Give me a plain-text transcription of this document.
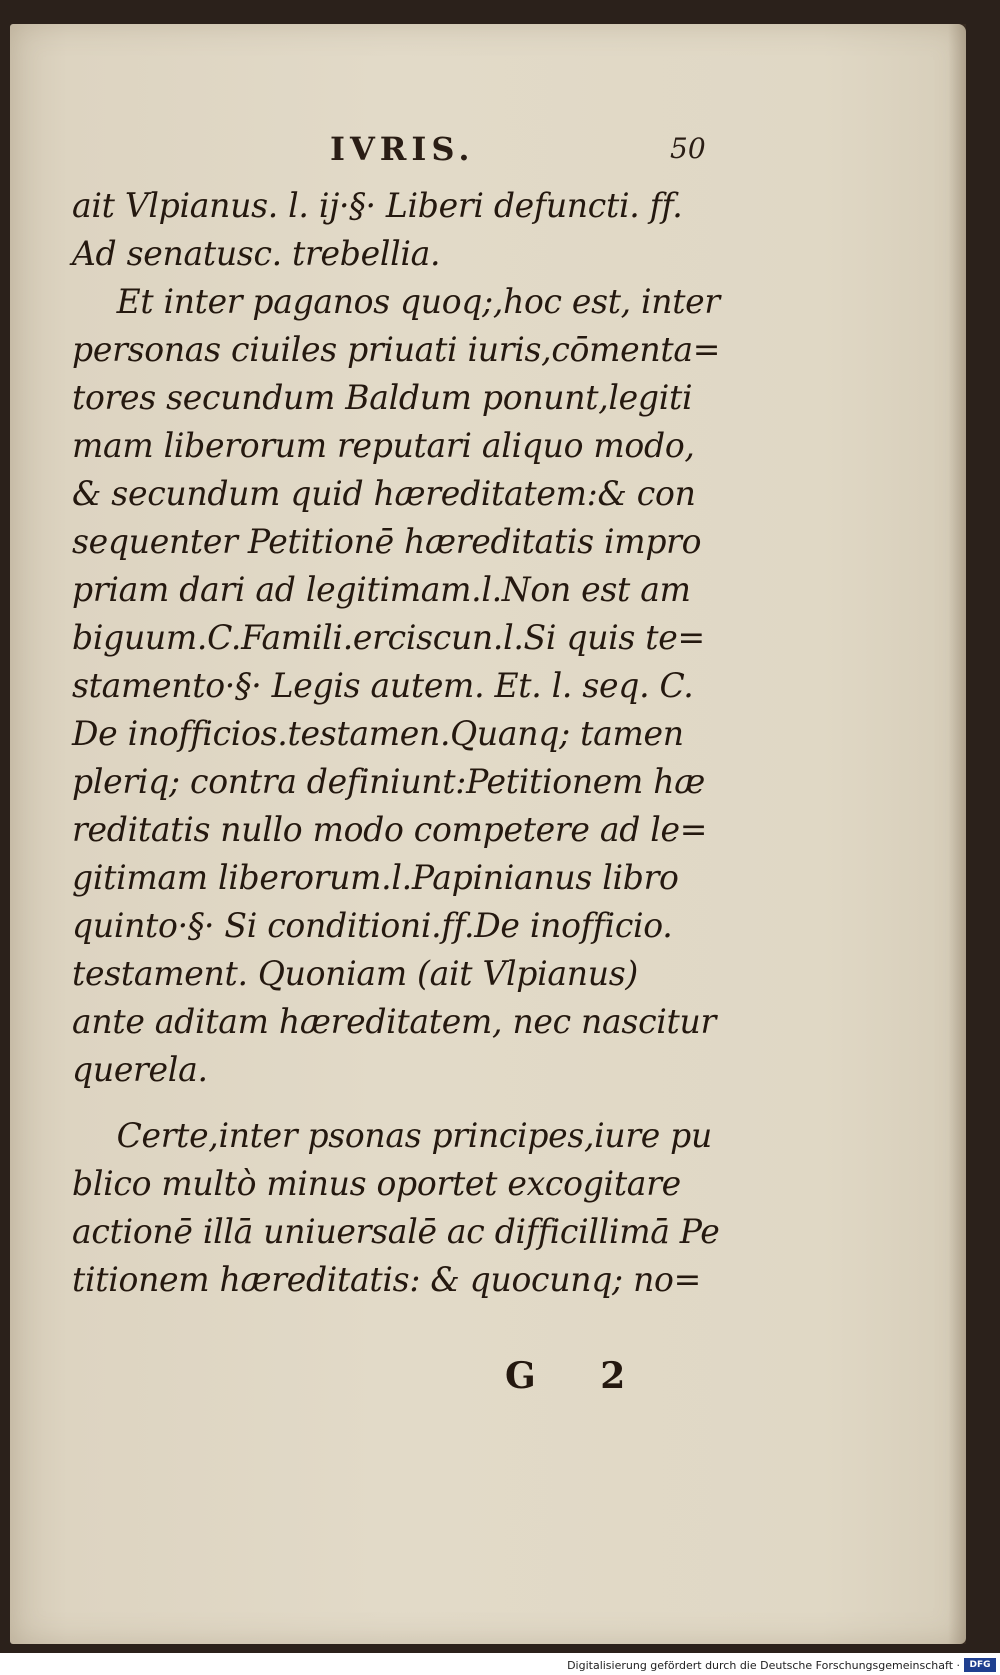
IVRIS.	50
ait Vlpianus. l. ij·§· Liberi defuncti. ff.
Ad senatusc. trebellia.
Et inter paganos quoq;,hoc est, inter
personas ciuiles priuati iuris,cōmenta=
tores secundum Baldum ponunt,legiti
mam liberorum reputari aliquo modo,
& secundum quid hæreditatem:& con
sequenter Petitionē hæreditatis impro
priam dari ad legitimam.l.Non est am
biguum.C.Famili.erciscun.l.Si quis te=
stamento·§· Legis autem. Et. l. seq. C.
De inofficios.testamen.Quanq; tamen
pleriq; contra definiunt:Petitionem hæ
reditatis nullo modo competere ad le=
gitimam liberorum.l.Papinianus libro
quinto·§· Si conditioni.ff.De inofficio.
testament. Quoniam (ait Vlpianus)
ante aditam hæreditatem, nec nascitur
querela.
Certe,inter psonas principes,iure pu
blico multò minus oportet excogitare
actionē illā uniuersalē ac difficillimā Pe
titionem hæreditatis: & quocunq; no=
G 2
Digitalisierung gefördert durch die Deutsche Forschungsgemeinschaft ·	DFG
